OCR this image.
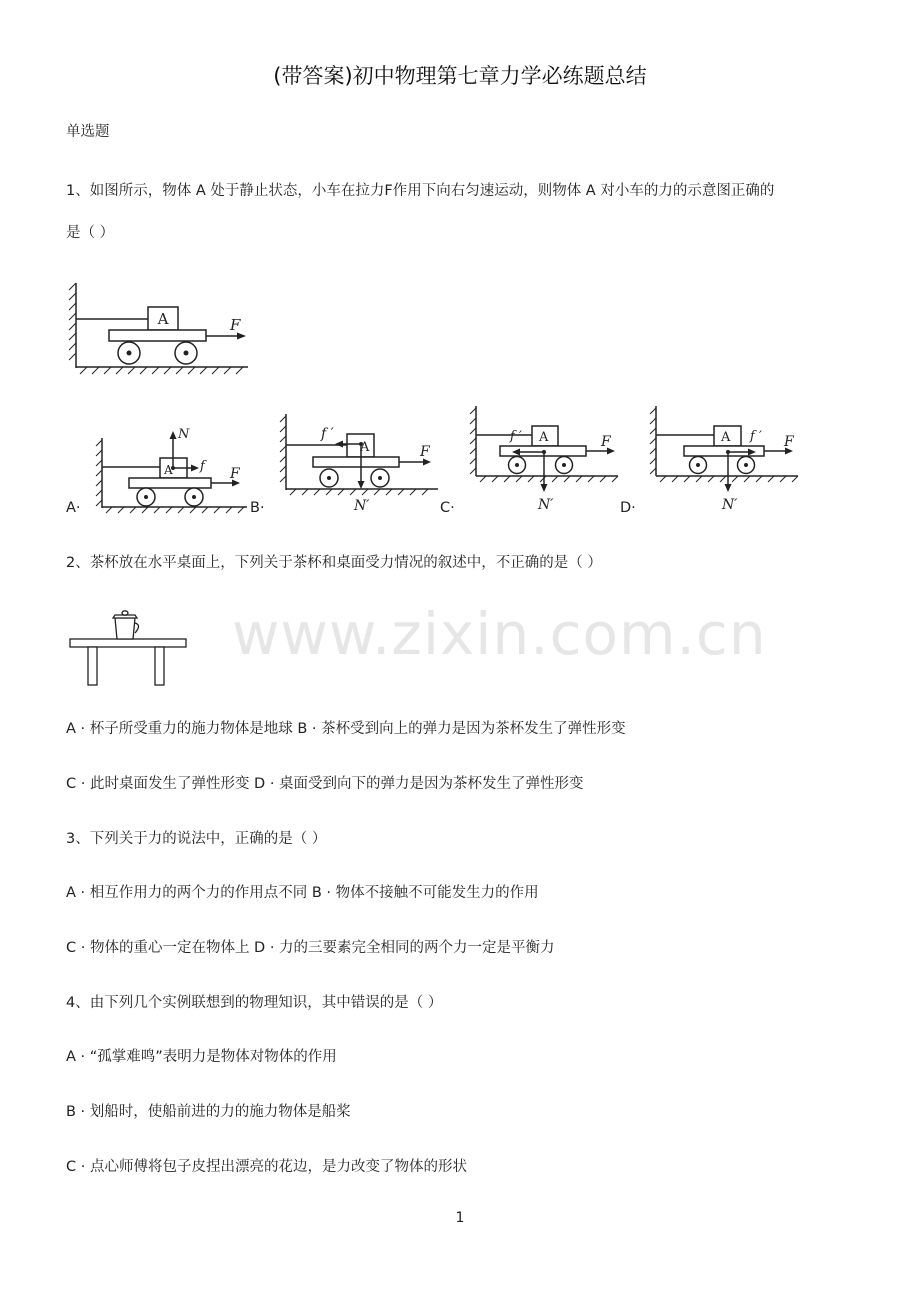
(带答案)初中物理第七章力学必练题总结
www.zixin.com.cn
单选题
1、如图所示，物体 A 处于静止状态，小车在拉力F作用下向右匀速运动，则物体 A 对小车的力的示意图正确的
是（ ）
A	F
A·
A
N
f F
B·
A
f ′
F
N′	C·
A
f ′	F
N′	D·
A f ′ F
N′
2、茶杯放在水平桌面上，下列关于茶杯和桌面受力情况的叙述中，不正确的是（ ）
A · 杯子所受重力的施力物体是地球 B · 茶杯受到向上的弹力是因为茶杯发生了弹性形变
C · 此时桌面发生了弹性形变 D · 桌面受到向下的弹力是因为茶杯发生了弹性形变
3、下列关于力的说法中，正确的是（ ）
A · 相互作用力的两个力的作用点不同 B · 物体不接触不可能发生力的作用
C · 物体的重心一定在物体上 D · 力的三要素完全相同的两个力一定是平衡力
4、由下列几个实例联想到的物理知识，其中错误的是（ ）
A · “孤掌难鸣”表明力是物体对物体的作用
B · 划船时，使船前进的力的施力物体是船桨
C · 点心师傅将包子皮捏出漂亮的花边，是力改变了物体的形状
1
